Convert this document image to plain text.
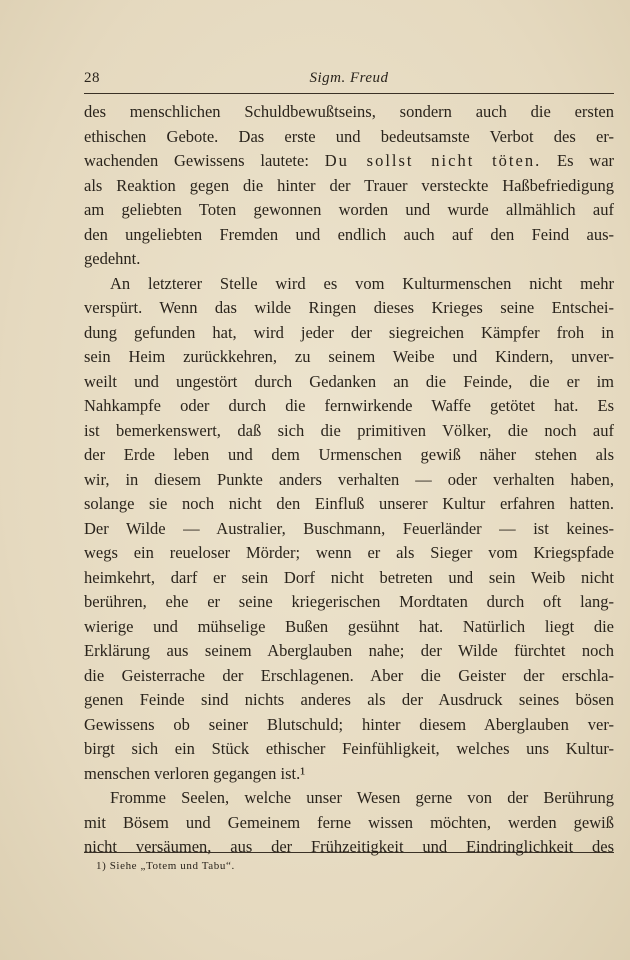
28	Sigm. Freud
des menschlichen Schuldbewußtseins, sondern auch die ersten
ethischen Gebote. Das erste und bedeutsamste Verbot des er-
wachenden Gewissens lautete: Du sollst nicht töten. Es war
als Reaktion gegen die hinter der Trauer versteckte Haßbefriedigung
am geliebten Toten gewonnen worden und wurde allmählich auf
den ungeliebten Fremden und endlich auch auf den Feind aus-
gedehnt.
An letzterer Stelle wird es vom Kulturmenschen nicht mehr
verspürt. Wenn das wilde Ringen dieses Krieges seine Entschei-
dung gefunden hat, wird jeder der siegreichen Kämpfer froh in
sein Heim zurückkehren, zu seinem Weibe und Kindern, unver-
weilt und ungestört durch Gedanken an die Feinde, die er im
Nahkampfe oder durch die fernwirkende Waffe getötet hat. Es
ist bemerkenswert, daß sich die primitiven Völker, die noch auf
der Erde leben und dem Urmenschen gewiß näher stehen als
wir, in diesem Punkte anders verhalten — oder verhalten haben,
solange sie noch nicht den Einfluß unserer Kultur erfahren hatten.
Der Wilde — Australier, Buschmann, Feuerländer — ist keines-
wegs ein reueloser Mörder; wenn er als Sieger vom Kriegspfade
heimkehrt, darf er sein Dorf nicht betreten und sein Weib nicht
berühren, ehe er seine kriegerischen Mordtaten durch oft lang-
wierige und mühselige Bußen gesühnt hat. Natürlich liegt die
Erklärung aus seinem Aberglauben nahe; der Wilde fürchtet noch
die Geisterrache der Erschlagenen. Aber die Geister der erschla-
genen Feinde sind nichts anderes als der Ausdruck seines bösen
Gewissens ob seiner Blutschuld; hinter diesem Aberglauben ver-
birgt sich ein Stück ethischer Feinfühligkeit, welches uns Kultur-
menschen verloren gegangen ist.¹
Fromme Seelen, welche unser Wesen gerne von der Berührung
mit Bösem und Gemeinem ferne wissen möchten, werden gewiß
nicht versäumen, aus der Frühzeitigkeit und Eindringlichkeit des
1) Siehe „Totem und Tabu“.
